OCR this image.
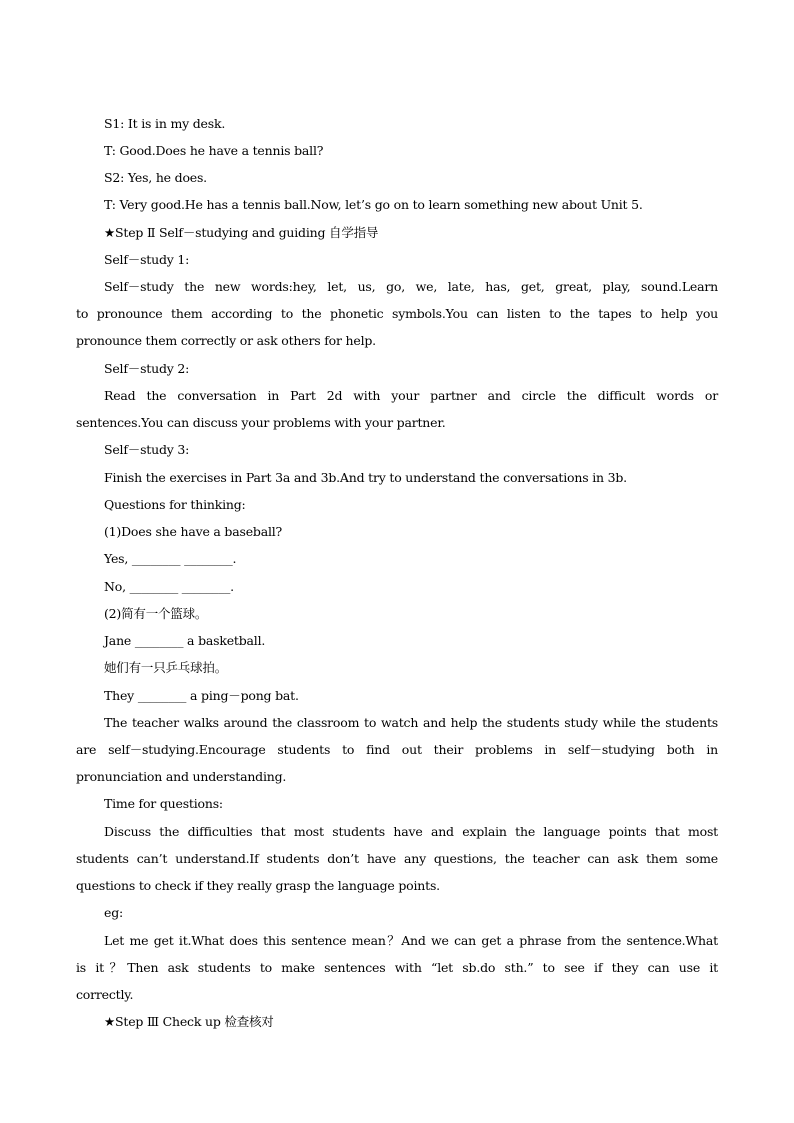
S1: It is in my desk.
T: Good.Does he have a tennis ball?
S2: Yes, he does.
T: Very good.He has a tennis ball.Now, let’s go on to learn something new about Unit 5.
★Step Ⅱ Self－studying and guiding 自学指导
Self－study 1:
Self－study the new words:hey, let, us, go, we, late, has, get, great, play, sound.Learn
to pronounce them according to the phonetic symbols.You can listen to the tapes to help you
pronounce them correctly or ask others for help.
Self－study 2:
Read the conversation in Part 2d with your partner and circle the difficult words or
sentences.You can discuss your problems with your partner.
Self－study 3:
Finish the exercises in Part 3a and 3b.And try to understand the conversations in 3b.
Questions for thinking:
(1)Does she have a baseball?
Yes, ________ ________.
No, ________ ________.
(2)简有一个篮球。
Jane ________ a basketball.
她们有一只乒乓球拍。
They ________ a ping－pong bat.
The teacher walks around the classroom to watch and help the students study while the students
are self－studying.Encourage students to find out their problems in self－studying both in
pronunciation and understanding.
Time for questions:
Discuss the difficulties that most students have and explain the language points that most
students can’t understand.If students don’t have any questions, the teacher can ask them some
questions to check if they really grasp the language points.
eg:
Let me get it.What does this sentence mean？And we can get a phrase from the sentence.What
is it？Then ask students to make sentences with “let sb.do sth.” to see if they can use it
correctly.
★Step Ⅲ Check up 检查核对
